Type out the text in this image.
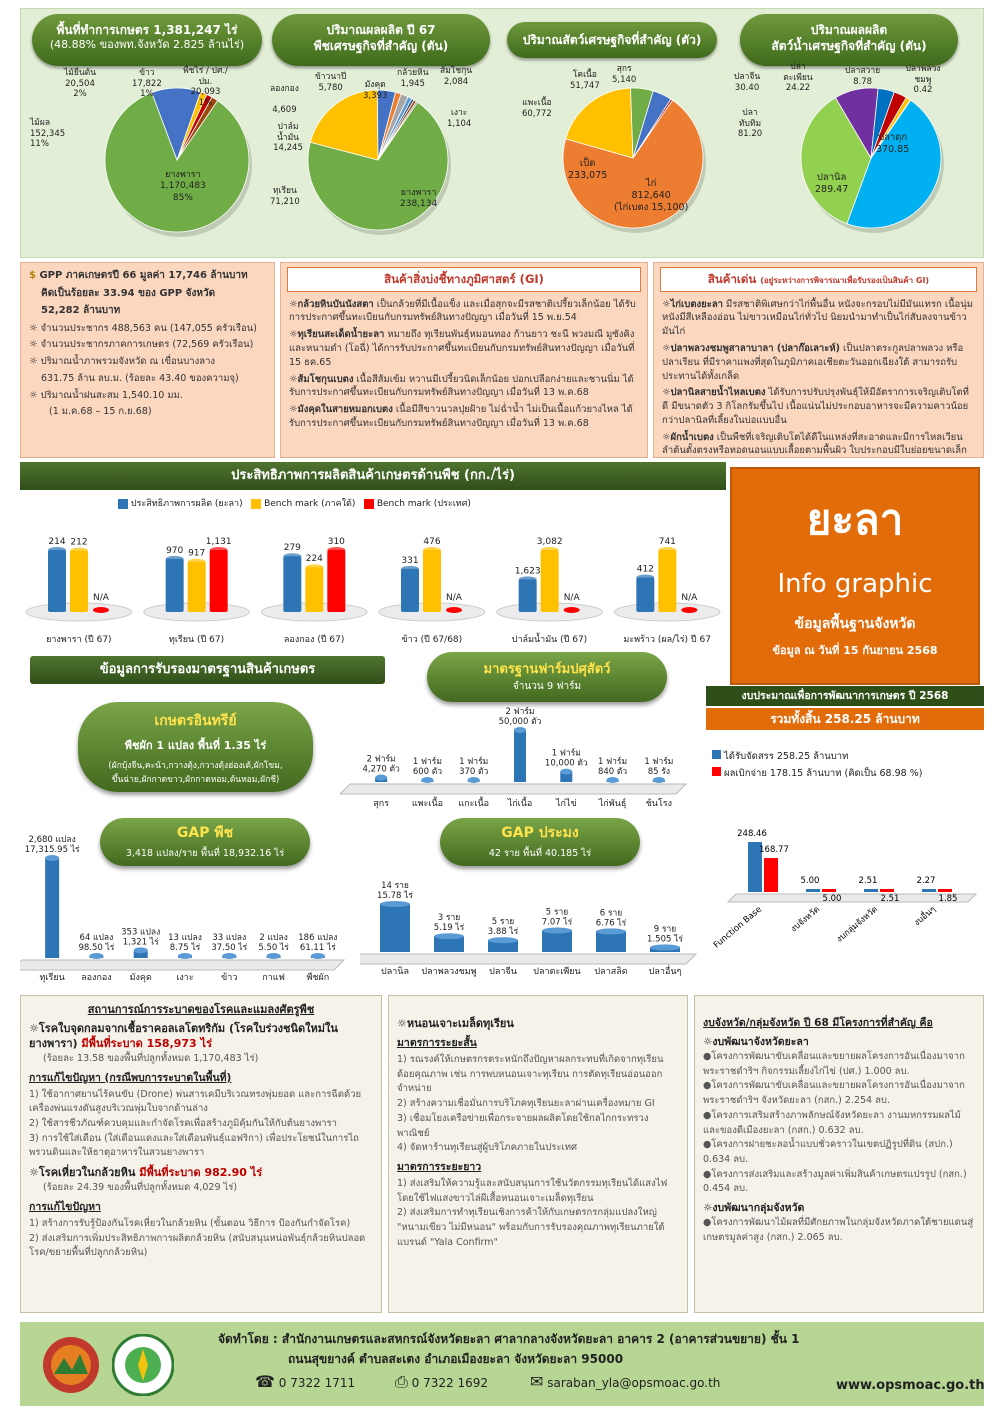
พื้นที่ทำการเกษตร 1,381,247 ไร่
(48.88% ของพท.จังหวัด 2.825 ล้านไร่)
ปริมาณผลผลิต ปี 67
พืชเศรษฐกิจที่สำคัญ (ตัน)	ปริมาณสัตว์เศรษฐกิจที่สำคัญ (ตัว)
ปริมาณผลผลิต
สัตว์น้ำเศรษฐกิจที่สำคัญ (ตัน)
ไม้ยืนต้น
20,504
2%
ข้าว
17,822
1%
พืชไร่ / ปศ./ปม.
20,093
1%
ไม้ผล
152,345
11%
ยางพารา
1,170,483
85%
ลองกอง

4,609
ข้าวนาปี
5,780	มังคุด
3,393
กล้วยหิน
1,945
ส้มโชกุน
2,084
เงาะ
1,104
ปาล์มน้ำมัน
14,245
ทุเรียน
71,210
ยางพารา
238,134
โคเนื้อ
51,747
สุกร
5,140
แพะเนื้อ
60,772
เป็ด
233,075
ไก่
812,640
(ไก่เบตง 15,100)
ปลาจีน
30.40
ปลาตะเพียน
24.22
ปลาสวาย
8.78
ปลาพลวงชมพู
0.42
ปลาทับทิม
81.20
ปลานิล
289.47
ปลาดุก
370.85
$ GPP ภาคเกษตรปี 66 มูลค่า 17,746 ล้านบาท
คิดเป็นร้อยละ 33.94 ของ GPP จังหวัด
52,282 ล้านบาท
☼ จำนวนประชากร 488,563 คน (147,055 ครัวเรือน)
☼ จำนวนประชากรภาคการเกษตร (72,569 ครัวเรือน)
☼ ปริมาณน้ำภาพรวมจังหวัด ณ เขื่อนบางลาง
631.75 ล้าน ลบ.ม. (ร้อยละ 43.40 ของความจุ)
☼ ปริมาณน้ำฝนสะสม 1,540.10 มม.
(1 ม.ค.68 – 15 ก.ย.68)
สินค้าสิ่งบ่งชี้ทางภูมิศาสตร์ (GI)
☼กล้วยหินบันนังสตา เป็นกล้วยที่มีเนื้อแข็ง และเมื่อสุกจะมีรสชาติเปรี้ยวเล็กน้อย ได้รับการประกาศขึ้นทะเบียนกับกรมทรัพย์สินทางปัญญา เมื่อวันที่ 15 พ.ย.54
☼ทุเรียนสะเด็ดน้ำยะลา หมายถึง ทุเรียนพันธุ์หมอนทอง ก้านยาว ชะนี พวงมณี มูซังคิง และหนามดำ (โอฉี่) ได้การรับประกาศขึ้นทะเบียนกับกรมทรัพย์สินทางปัญญา เมื่อวันที่ 15 ธค.65
☼ส้มโชกุนเบตง เนื้อสีส้มเข้ม หวานมีเปรี้ยวนิดเล็กน้อย ปอกเปลือกง่ายและชานนิ่ม ได้รับการประกาศขึ้นทะเบียนกับกรมทรัพย์สินทางปัญญา เมื่อวันที่ 13 พ.ค.68
☼มังคุดในสายหมอกเบตง เนื้อมีสีขาวนวลปุยฝ้าย ไม่ฉ่ำน้ำ ไม่เป็นเนื้อแก้วยางไหล ได้รับการประกาศขึ้นทะเบียนกับกรมทรัพย์สินทางปัญญา เมื่อวันที่ 13 พ.ค.68
สินค้าเด่น (อยู่ระหว่างการพิจารณาเพื่อรับรองเป็นสินค้า GI)
☼ไก่เบตงยะลา มีรสชาติพิเศษกว่าไก่พื้นอื่น หนังจะกรอบไม่มีมันแทรก เนื้อนุ่มหนังมีสีเหลืองอ่อน ไม่ขาวเหมือนไก่ทั่วไป นิยมนำมาทำเป็นไก่สับลงจานข้าวมันไก่
☼ปลาพลวงชมพูสาลาบาลา (ปลาก๊อเลาะห์) เป็นปลาตระกูลปลาพลวง หรือปลาเรียน ที่มีราคาแพงที่สุดในภูมิภาคเอเชียตะวันออกเฉียงใต้ สามารถรับประทานได้ทั้งเกล็ด
☼ปลานิลสายน้ำไหลเบตง ได้รับการปรับปรุงพันธุ์ให้มีอัตราการเจริญเติบโตที่ดี มีขนาดตัว 3 กิโลกรัมขึ้นไป เนื้อแน่นไม่ประกอบอาหารจะมีความคาวน้อยกว่าปลานิลที่เลี้ยงในบ่อแบบอื่น
☼ผักน้ำเบตง เป็นพืชที่เจริญเติบโตได้ดีในแหล่งที่สะอาดและมีการไหลเวียน ลำต้นตั้งตรงหรือทอดนอนแบบเลื้อยตามพื้นผิว ใบประกอบมีใบย่อยขนาดเล็ก
ประสิทธิภาพการผลิตสินค้าเกษตรด้านพืช (กก./ไร่)
ประสิทธิภาพการผลิต (ยะลา) Bench mark (ภาคใต้) Bench mark (ประเทศ)
214 212
N/A
ยางพารา (ปี 67)
970 917
1,131
ทุเรียน (ปี 67)
279
224
310
ลองกอง (ปี 67)
331
476
N/A
ข้าว (ปี 67/68)
1,623
3,082
N/A
ปาล์มน้ำมัน (ปี 67)
412
741
N/A
มะพร้าว (ผล/ไร่) ปี 67
ยะลา
Info graphic
ข้อมูลพื้นฐานจังหวัด
ข้อมูล ณ วันที่ 15 กันยายน 2568
ข้อมูลการรับรองมาตรฐานสินค้าเกษตร	มาตรฐานฟาร์มปศุสัตว์
จำนวน 9 ฟาร์ม
เกษตรอินทรีย์
พืชผัก 1 แปลง พื้นที่ 1.35 ไร่
(ผักบุ้งจีน,คะน้า,กวางตุ้ง,กวางตุ้งฮ่องเต้,ผักโขม,
ขึ้นฉ่าย,ผักกาดขาว,ผักกาดหอม,ต้นหอม,ผักชี)
2 ฟาร์ม
4,270 ตัว
สุกร
1 ฟาร์ม
600 ตัว
แพะเนื้อ
1 ฟาร์ม
370 ตัว
แกะเนื้อ
2 ฟาร์ม
50,000 ตัว
ไก่เนื้อ
1 ฟาร์ม
10,000 ตัว
ไก่ไข่
1 ฟาร์ม
840 ตัว
ไก่พันธุ์
1 ฟาร์ม
85 รัง
ช้นโรง
งบประมาณเพื่อการพัฒนาการเกษตร ปี 2568
รวมทั้งสิ้น 258.25 ล้านบาท
ได้รับจัดสรร 258.25 ล้านบาท
ผลเบิกจ่าย 178.15 ล้านบาท (คิดเป็น 68.98 %)
248.46
168.77
Function Base
5.00
5.00
งบจังหวัด
2.51
2.51
งบกลุ่มจังหวัด
2.27
1.85
งบอื่นๆ
GAP พืช
3,418 แปลง/ราย พื้นที่ 18,932.16 ไร่
GAP ประมง
42 ราย พื้นที่ 40.185 ไร่
2,680 แปลง
17,315.95 ไร่
ทุเรียน
64 แปลง
98.50 ไร่
ลองกอง
353 แปลง
1,321 ไร่
มังคุด
13 แปลง
8.75 ไร่
เงาะ
33 แปลง
37.50 ไร่
ข้าว
2 แปลง
5.50 ไร่
กาแฟ
186 แปลง
61.11 ไร่
พืชผัก
14 ราย
15.78 ไร่
ปลานิล
3 ราย
5.19 ไร่
ปลาพลวงชมพู
5 ราย
3.88 ไร่
ปลาจีน
5 ราย
7.07 ไร่
ปลาตะเพียน
6 ราย
6.76 ไร่
ปลาสลิด
9 ราย
1.505 ไร่
ปลาอื่นๆ
สถานการณ์การระบาดของโรคและแมลงศัตรูพืช
☼โรคใบจุดกลมจากเชื้อราคอลเลโตทริกัม (โรคใบร่วงชนิดใหม่ในยางพารา) มีพื้นที่ระบาด 158,973 ไร่
(ร้อยละ 13.58 ของพื้นที่ปลูกทั้งหมด 1,170,483 ไร่)
การแก้ไขปัญหา (กรณีพบการระบาดในพื้นที่)
1) ใช้อากาศยานไร้คนขับ (Drone) พ่นสารเคมีบริเวณทรงพุ่มยอด และการฉีดด้วยเครื่องพ่นแรงดันสูงบริเวณพุ่มใบจากด้านล่าง
2) ใช้สารชีวภัณฑ์ควบคุมและกำจัดโรคเพื่อสร้างภูมิคุ้มกันให้กับต้นยางพารา
3) การใช้ใส่เดือน (ใส่เดือนแดงและใส่เดือนพันธุ์แอฟริกา) เพื่อประโยชน์ในการไถพรวนดินและให้ธาตุอาหารในสวนยางพารา
☼โรคเหี่ยวในกล้วยหิน มีพื้นที่ระบาด 982.90 ไร่
(ร้อยละ 24.39 ของพื้นที่ปลูกทั้งหมด 4,029 ไร่)
การแก้ไขปัญหา
1) สร้างการรับรู้ป้องกันโรคเหี่ยวในกล้วยหิน (ขั้นตอน วิธีการ ป้องกันกำจัดโรค)
2) ส่งเสริมการเพิ่มประสิทธิภาพการผลิตกล้วยหิน (สนับสนุนหน่อพันธุ์กล้วยหินปลอดโรค/ขยายพื้นที่ปลูกกล้วยหิน)
☼หนอนเจาะเมล็ดทุเรียน
มาตรการระยะสั้น
1) รณรงค์ให้เกษตรกรตระหนักถึงปัญหาผลกระทบที่เกิดจากทุเรียนด้อยคุณภาพ เช่น การพบหนอนเจาะทุเรียน การตัดทุเรียนอ่อนออกจำหน่าย
2) สร้างความเชื่อมั่นการบริโภคทุเรียนยะลาผ่านเครื่องหมาย GI
3) เชื่อมโยงเครือข่ายเพื่อกระจายผลผลิตโดยใช้กลไกกระทรวงพาณิชย์
4) จัดหาร้านทุเรียนสู่ผู้บริโภคภายในประเทศ
มาตรการระยะยาว
1) ส่งเสริมให้ความรู้และสนับสนุนการใช้นวัตกรรมทุเรียนได้แสงไฟโดยใช้ไฟแสงขาวไล่ผีเสื้อหนอนเจาะเมล็ดทุเรียน
2) ส่งเสริมการทำทุเรียนเชิงการค้าให้กับเกษตรกรกลุ่มแปลงใหญ่ "หนามเขียว ไม่มีหนอน" พร้อมกับการรับรองคุณภาพทุเรียนภายใต้แบรนด์ "Yala Confirm"
งบจังหวัด/กลุ่มจังหวัด ปี 68 มีโครงการที่สำคัญ คือ
☼งบพัฒนาจังหวัดยะลา
●โครงการพัฒนาขับเคลื่อนและขยายผลโครงการอันเนื่องมาจากพระราชดำริฯ กิจกรรมเลี้ยงไก่ไข่ (ปศ.) 1.000 ลบ.
●โครงการพัฒนาขับเคลื่อนและขยายผลโครงการอันเนื่องมาจากพระราชดำริฯ จังหวัดยะลา (กสก.) 2.254 ลบ.
●โครงการเสริมสร้างภาพลักษณ์จังหวัดยะลา งานมหกรรมผลไม้และของดีเมืองยะลา (กสก.) 0.632 ลบ.
●โครงการฝายชะลอน้ำแบบชั่วคราวในเขตปฏิรูปที่ดิน (สปก.) 0.634 ลบ.
●โครงการส่งเสริมและสร้างมูลค่าเพิ่มสินค้าเกษตรแปรรูป (กสก.) 0.454 ลบ.
☼งบพัฒนากลุ่มจังหวัด
●โครงการพัฒนาไม้ผลที่มีศักยภาพในกลุ่มจังหวัดภาคใต้ชายแดนสู่เกษตรมูลค่าสูง (กสก.) 2.065 ลบ.
จัดทำโดย : สำนักงานเกษตรและสหกรณ์จังหวัดยะลา ศาลากลางจังหวัดยะลา อาคาร 2 (อาคารส่วนขยาย) ชั้น 1
ถนนสุขยางค์ ตำบลสะเตง อำเภอเมืองยะลา จังหวัดยะลา 95000
☎ 0 7322 1711 ⎙ 0 7322 1692	✉ saraban_yla@opsmoac.go.th	www.opsmoac.go.th
